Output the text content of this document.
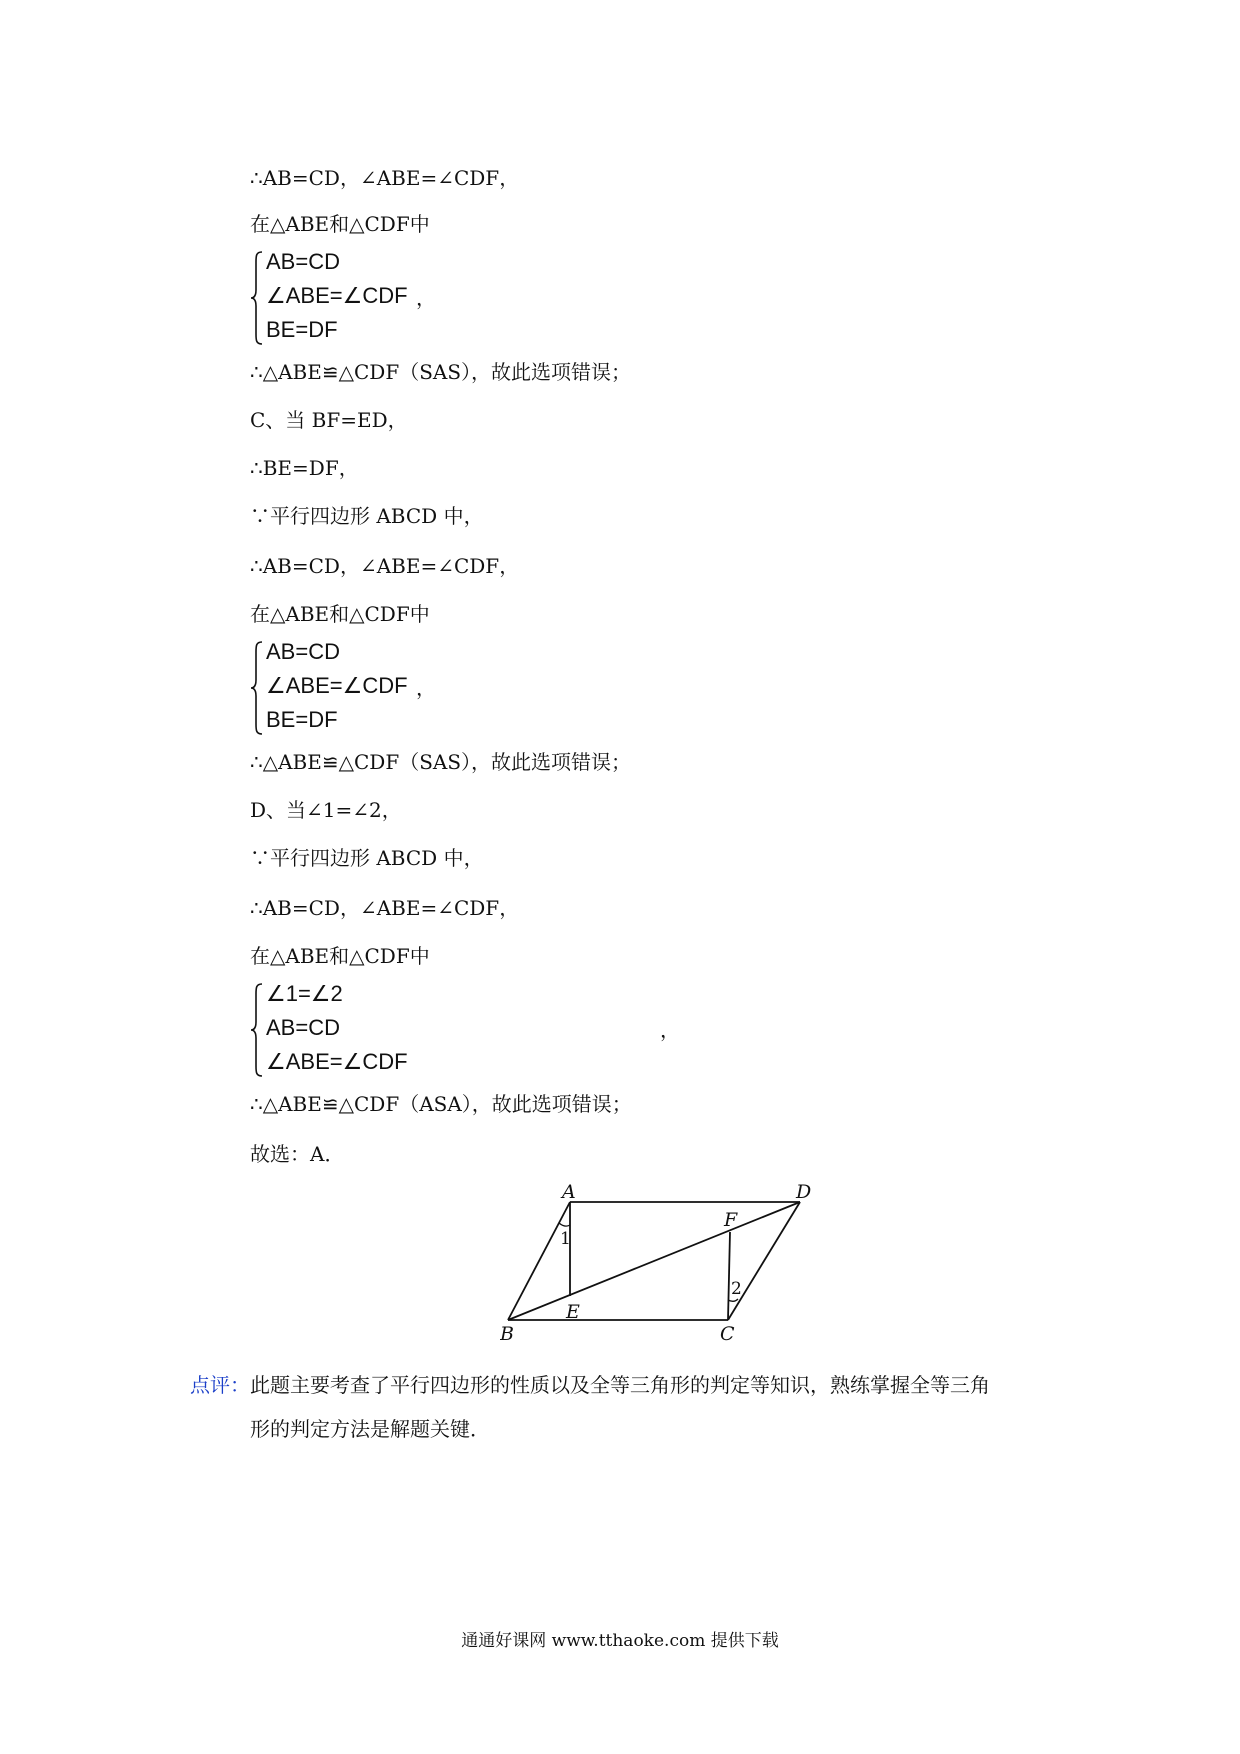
∴AB=CD，∠ABE=∠CDF，
在△ABE和△CDF中
AB=CD
∠ABE=∠CDF
BE=DF
，
∴△ABE≌△CDF（SAS），故此选项错误；
C、当 BF=ED，
∴BE=DF，
∵平行四边形 ABCD 中，
∴AB=CD，∠ABE=∠CDF，
在△ABE和△CDF中
AB=CD
∠ABE=∠CDF
BE=DF
，
∴△ABE≌△CDF（SAS），故此选项错误；
D、当∠1=∠2，
∵平行四边形 ABCD 中，
∴AB=CD，∠ABE=∠CDF，
在△ABE和△CDF中
∠1=∠2
AB=CD
∠ABE=∠CDF
，
∴△ABE≌△CDF（ASA），故此选项错误；
故选：A．
A	D
B	C
E
F
1
2
点评：此题主要考查了平行四边形的性质以及全等三角形的判定等知识，熟练掌握全等三角
形的判定方法是解题关键．
通通好课网 www.tthaoke.com 提供下载
